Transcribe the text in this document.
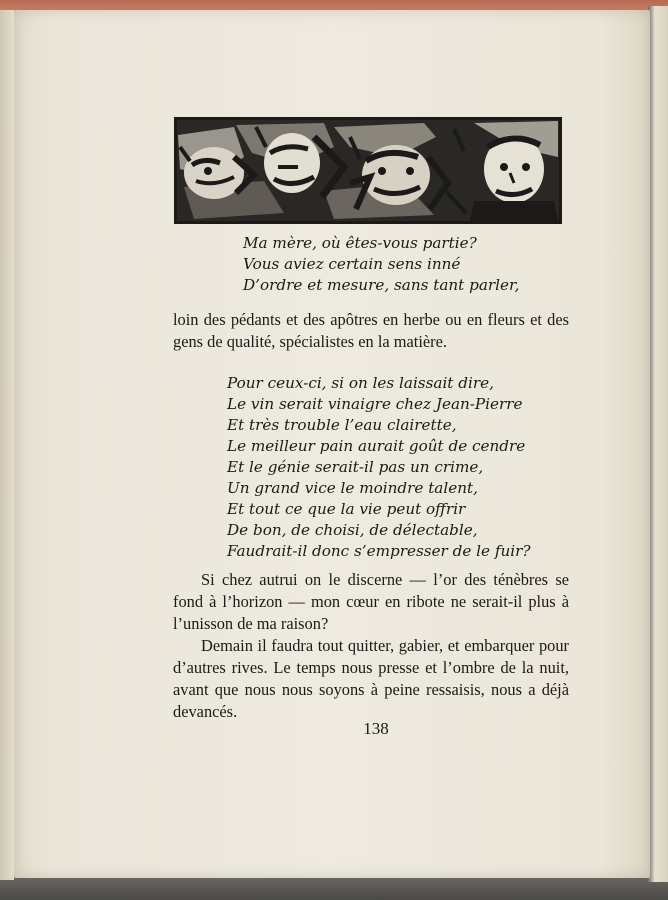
Ma mère, où êtes-vous partie?
Vous aviez certain sens inné
D’ordre et mesure, sans tant parler,

loin des pédants et des apôtres en herbe ou en fleurs et des gens de qualité, spécialistes en la matière.

Pour ceux-ci, si on les laissait dire,
Le vin serait vinaigre chez Jean-Pierre
Et très trouble l’eau clairette,
Le meilleur pain aurait goût de cendre
Et le génie serait-il pas un crime,
Un grand vice le moindre talent,
Et tout ce que la vie peut offrir
De bon, de choisi, de délectable,
Faudrait-il donc s’empresser de le fuir?

Si chez autrui on le discerne — l’or des ténèbres se fond à l’horizon — mon cœur en ribote ne serait-il plus à l’unisson de ma raison?

Demain il faudra tout quitter, gabier, et embarquer pour d’autres rives. Le temps nous presse et l’ombre de la nuit, avant que nous nous soyons à peine ressaisis, nous a déjà devancés.

138
